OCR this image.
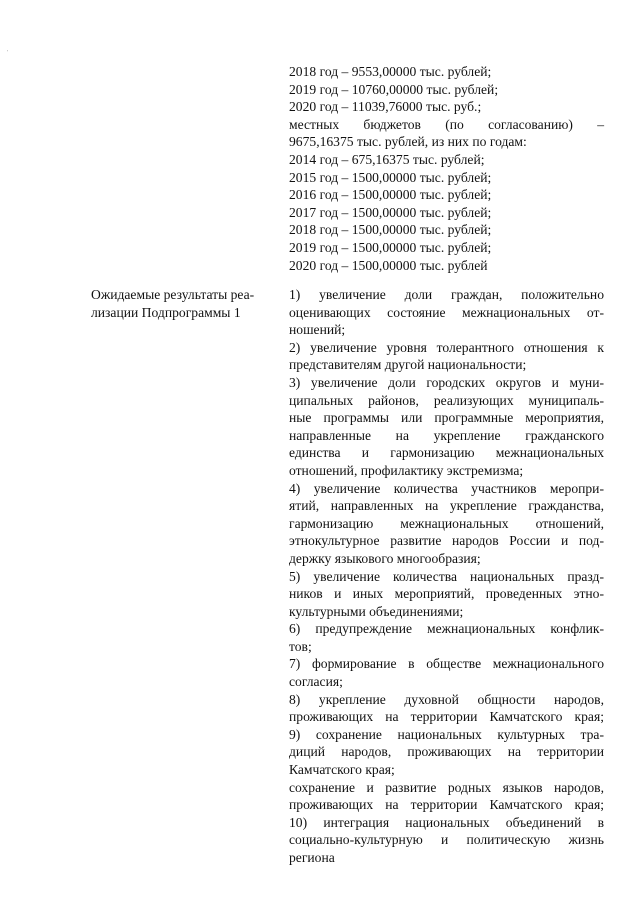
'
2018 год – 9553,00000 тыс. рублей;
2019 год – 10760,00000 тыс. рублей;
2020 год – 11039,76000 тыс. руб.;
местных бюджетов (по согласованию) –
9675,16375 тыс. рублей, из них по годам:
2014 год – 675,16375 тыс. рублей;
2015 год – 1500,00000 тыс. рублей;
2016 год – 1500,00000 тыс. рублей;
2017 год – 1500,00000 тыс. рублей;
2018 год – 1500,00000 тыс. рублей;
2019 год – 1500,00000 тыс. рублей;
2020 год – 1500,00000 тыс. рублей
Ожидаемые результаты реа-
лизации Подпрограммы 1
1) увеличение доли граждан, положительно
оценивающих состояние межнациональных от-
ношений;
2) увеличение уровня толерантного отношения к
представителям другой национальности;
3) увеличение доли городских округов и муни-
ципальных районов, реализующих муниципаль-
ные программы или программные мероприятия,
направленные на укрепление гражданского
единства и гармонизацию межнациональных
отношений, профилактику экстремизма;
4) увеличение количества участников меропри-
ятий, направленных на укрепление гражданства,
гармонизацию межнациональных отношений,
этнокультурное развитие народов России и под-
держку языкового многообразия;
5) увеличение количества национальных празд-
ников и иных мероприятий, проведенных этно-
культурными объединениями;
6) предупреждение межнациональных конфлик-
тов;
7) формирование в обществе межнационального
согласия;
8) укрепление духовной общности народов,
проживающих на территории Камчатского края;
9) сохранение национальных культурных тра-
диций народов, проживающих на территории
Камчатского края;
сохранение и развитие родных языков народов,
проживающих на территории Камчатского края;
10) интеграция национальных объединений в
социально-культурную и политическую жизнь
региона
